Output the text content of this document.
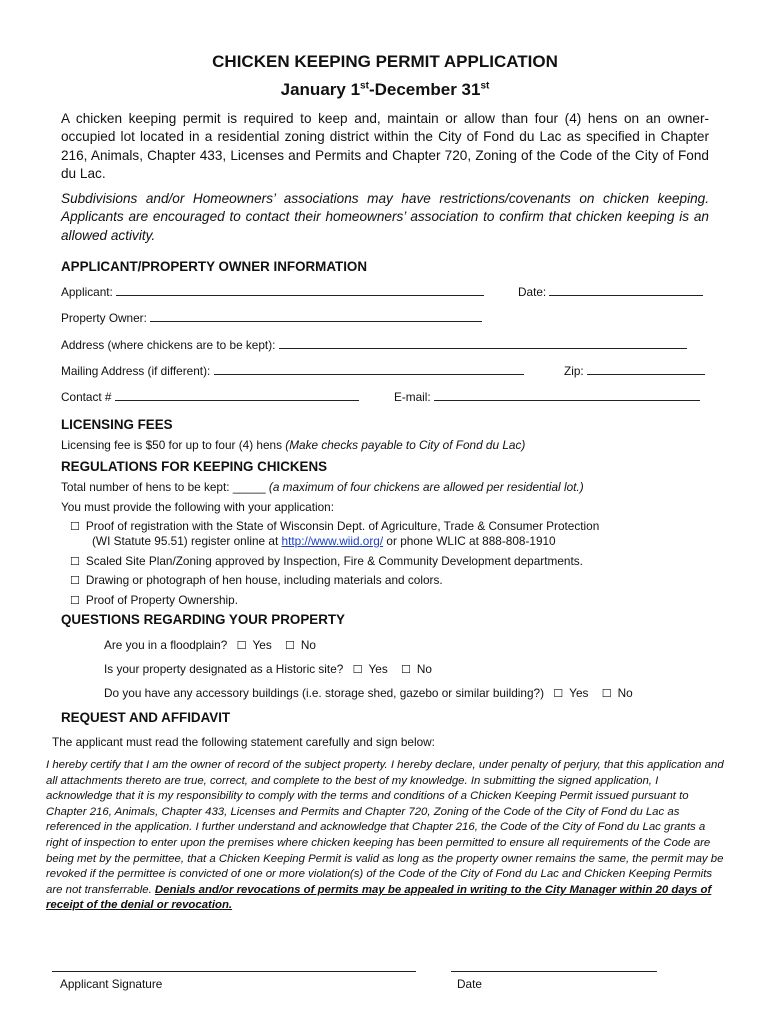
CHICKEN KEEPING PERMIT APPLICATION
January 1st-December 31st
A chicken keeping permit is required to keep and, maintain or allow than four (4) hens on an owner-occupied lot located in a residential zoning district within the City of Fond du Lac as specified in Chapter 216, Animals, Chapter 433, Licenses and Permits and Chapter 720, Zoning of the Code of the City of Fond du Lac.
Subdivisions and/or Homeowners’ associations may have restrictions/covenants on chicken keeping. Applicants are encouraged to contact their homeowners’ association to confirm that chicken keeping is an allowed activity.
APPLICANT/PROPERTY OWNER INFORMATION
Applicant:	Date:
Property Owner:
Address (where chickens are to be kept):
Mailing Address (if different):	Zip:
Contact #	E-mail:
LICENSING FEES
Licensing fee is $50 for up to four (4) hens (Make checks payable to City of Fond du Lac)
REGULATIONS FOR KEEPING CHICKENS
Total number of hens to be kept: _____ (a maximum of four chickens are allowed per residential lot.)
You must provide the following with your application:
☐ Proof of registration with the State of Wisconsin Dept. of Agriculture, Trade & Consumer Protection
(WI Statute 95.51) register online at http://www.wiid.org/ or phone WLIC at 888-808-1910
☐ Scaled Site Plan/Zoning approved by Inspection, Fire & Community Development departments.
☐ Drawing or photograph of hen house, including materials and colors.
☐ Proof of Property Ownership.
QUESTIONS REGARDING YOUR PROPERTY
Are you in a floodplain? ☐ Yes ☐ No
Is your property designated as a Historic site? ☐ Yes ☐ No
Do you have any accessory buildings (i.e. storage shed, gazebo or similar building?) ☐ Yes ☐ No
REQUEST AND AFFIDAVIT
The applicant must read the following statement carefully and sign below:
I hereby certify that I am the owner of record of the subject property. I hereby declare, under penalty of perjury, that this application and all attachments thereto are true, correct, and complete to the best of my knowledge. In submitting the signed application, I acknowledge that it is my responsibility to comply with the terms and conditions of a Chicken Keeping Permit issued pursuant to Chapter 216, Animals, Chapter 433, Licenses and Permits and Chapter 720, Zoning of the Code of the City of Fond du Lac as referenced in the application. I further understand and acknowledge that Chapter 216, the Code of the City of Fond du Lac grants a right of inspection to enter upon the premises where chicken keeping has been permitted to ensure all requirements of the Code are being met by the permittee, that a Chicken Keeping Permit is valid as long as the property owner remains the same, the permit may be revoked if the permittee is convicted of one or more violation(s) of the Code of the City of Fond du Lac and Chicken Keeping Permits are not transferrable. Denials and/or revocations of permits may be appealed in writing to the City Manager within 20 days of receipt of the denial or revocation.
Applicant Signature	Date
